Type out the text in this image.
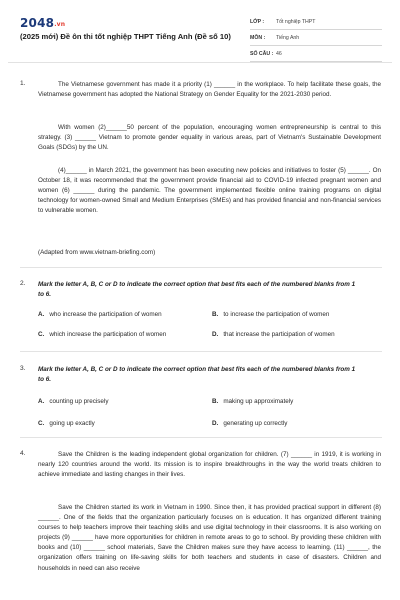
2048.vn
(2025 mới) Đề ôn thi tốt nghiệp THPT Tiếng Anh (Đề số 10)
LỚP :	Tốt nghiệp THPT
MÔN :	Tiếng Anh
SỐ CÂU : 46
1.	The Vietnamese government has made it a priority (1) ______ in the workplace. To help facilitate these goals, the Vietnamese government has adopted the National Strategy on Gender Equality for the 2021-2030 period.

With women (2)______50 percent of the population, encouraging women entrepreneurship is central to this strategy. (3) ______ Vietnam to promote gender equality in various areas, part of Vietnam's Sustainable Development Goals (SDGs) by the UN.

(4)______ in March 2021, the government has been executing new policies and initiatives to foster (5) ______. On October 18, it was recommended that the government provide financial aid to COVID-19 infected pregnant women and women (6) ______ during the pandemic. The government implemented flexible online training programs on digital technology for women-owned Small and Medium Enterprises (SMEs) and has provided financial and non-financial services to vulnerable women.

(Adapted from www.vietnam-briefing.com)

2. Mark the letter A, B, C or D to indicate the correct option that best fits each of the numbered blanks from 1 to 6.
A. who increase the participation of women	B. to increase the participation of women
C. which increase the participation of women	D. that increase the participation of women
3. Mark the letter A, B, C or D to indicate the correct option that best fits each of the numbered blanks from 1 to 6.
A. counting up precisely	B. making up approximately
C. going up exactly	D. generating up correctly
4.	Save the Children is the leading independent global organization for children. (7) ______ in 1919, it is working in nearly 120 countries around the world. Its mission is to inspire breakthroughs in the way the world treats children to achieve immediate and lasting changes in their lives.

Save the Children started its work in Vietnam in 1990. Since then, it has provided practical support in different (8) ______. One of the fields that the organization particularly focuses on is education. It has organized different training courses to help teachers improve their teaching skills and use digital technology in their classrooms. It is also working on projects (9) ______ have more opportunities for children in remote areas to go to school. By providing these children with books and (10) ______ school materials, Save the Children makes sure they have access to learning. (11) ______, the organization offers training on life-saving skills for both teachers and students in case of disasters. Children and households in need can also receive
